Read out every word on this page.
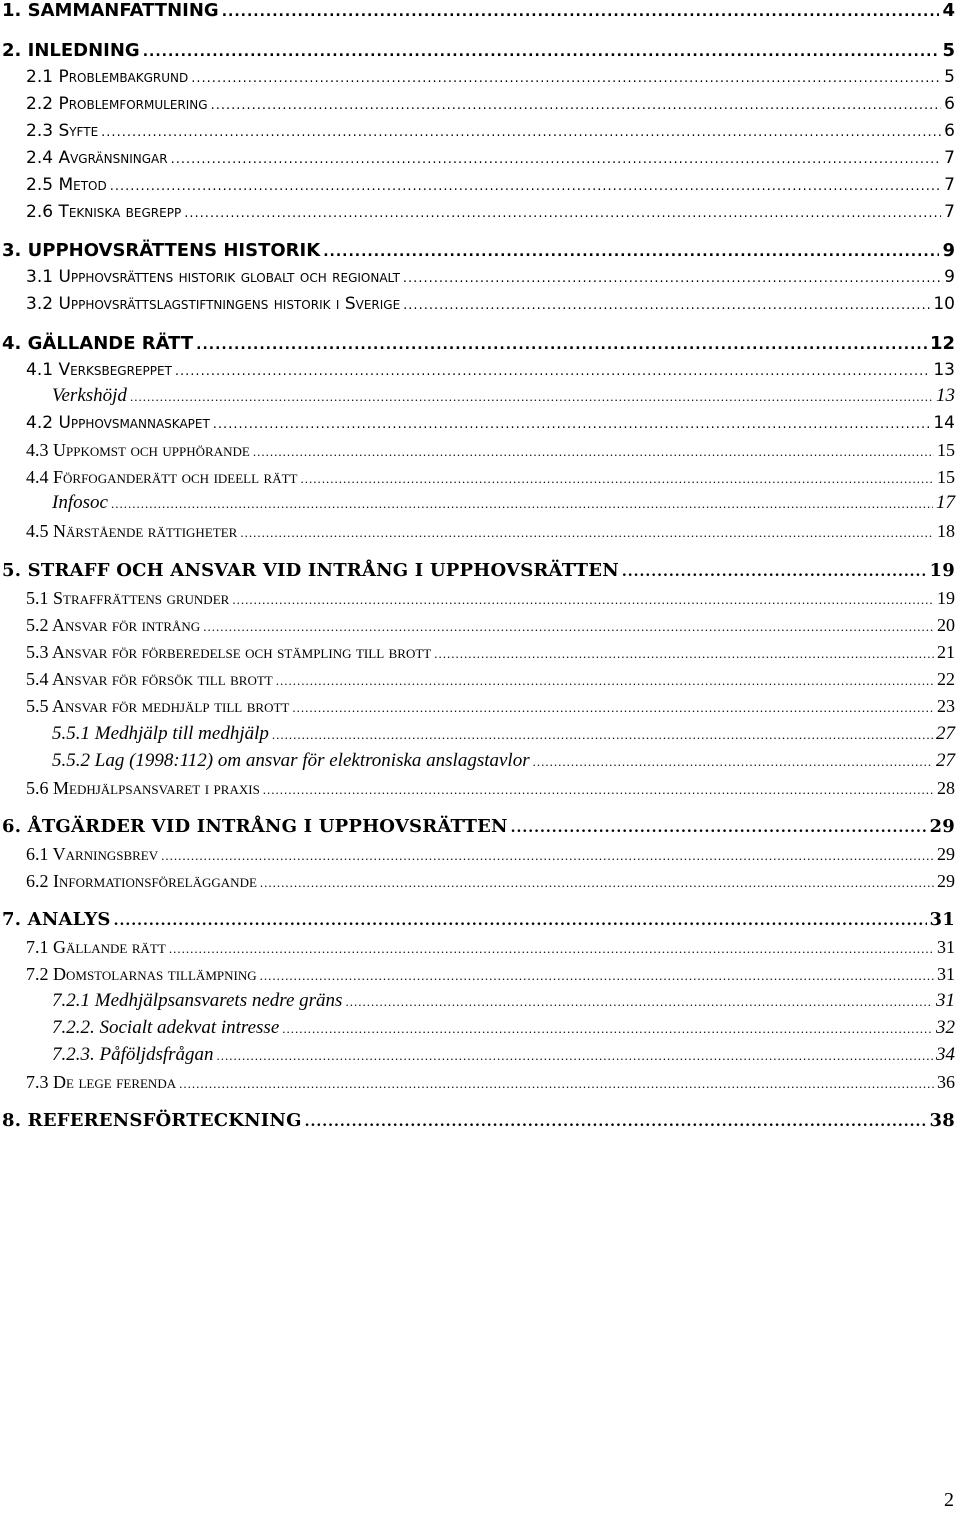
1. SAMMANFATTNING .....	4
2. INLEDNING .....	5
2.1 Problembakgrund .....	5
2.2 Problemformulering .....	6
2.3 Syfte .....	6
2.4 Avgränsningar .....	7
2.5 Metod .....	7
2.6 Tekniska begrepp .....	7
3. UPPHOVSRÄTTENS HISTORIK .....	9
3.1 Upphovsrättens historik globalt och regionalt .....	9
3.2 Upphovsrättslagstiftningens historik i Sverige .....	10
4. GÄLLANDE RÄTT .....	12
4.1 Verksbegreppet .....	13
Verkshöjd .....	13
4.2 Upphovsmannaskapet .....	14
4.3 Uppkomst och upphörande .....	15
4.4 Förfoganderätt och ideell rätt .....	15
Infosoc .....	17
4.5 Närstående rättigheter .....	18
5. STRAFF OCH ANSVAR VID INTRÅNG I UPPHOVSRÄTTEN .....	19
5.1 Straffrättens grunder .....	19
5.2 Ansvar för intrång .....	20
5.3 Ansvar för förberedelse och stämpling till brott .....	21
5.4 Ansvar för försök till brott .....	22
5.5 Ansvar för medhjälp till brott .....	23
5.5.1 Medhjälp till medhjälp .....	27
5.5.2 Lag (1998:112) om ansvar för elektroniska anslagstavlor .....	27
5.6 Medhjälpsansvaret i praxis .....	28
6. ÅTGÄRDER VID INTRÅNG I UPPHOVSRÄTTEN .....	29
6.1 Varningsbrev .....	29
6.2 Informationsföreläggande .....	29
7. ANALYS .....	31
7.1 Gällande rätt .....	31
7.2 Domstolarnas tillämpning .....	31
7.2.1 Medhjälpsansvarets nedre gräns .....	31
7.2.2. Socialt adekvat intresse .....	32
7.2.3. Påföljdsfrågan .....	34
7.3 De lege ferenda .....	36
8. REFERENSFÖRTECKNING .....	38
2
